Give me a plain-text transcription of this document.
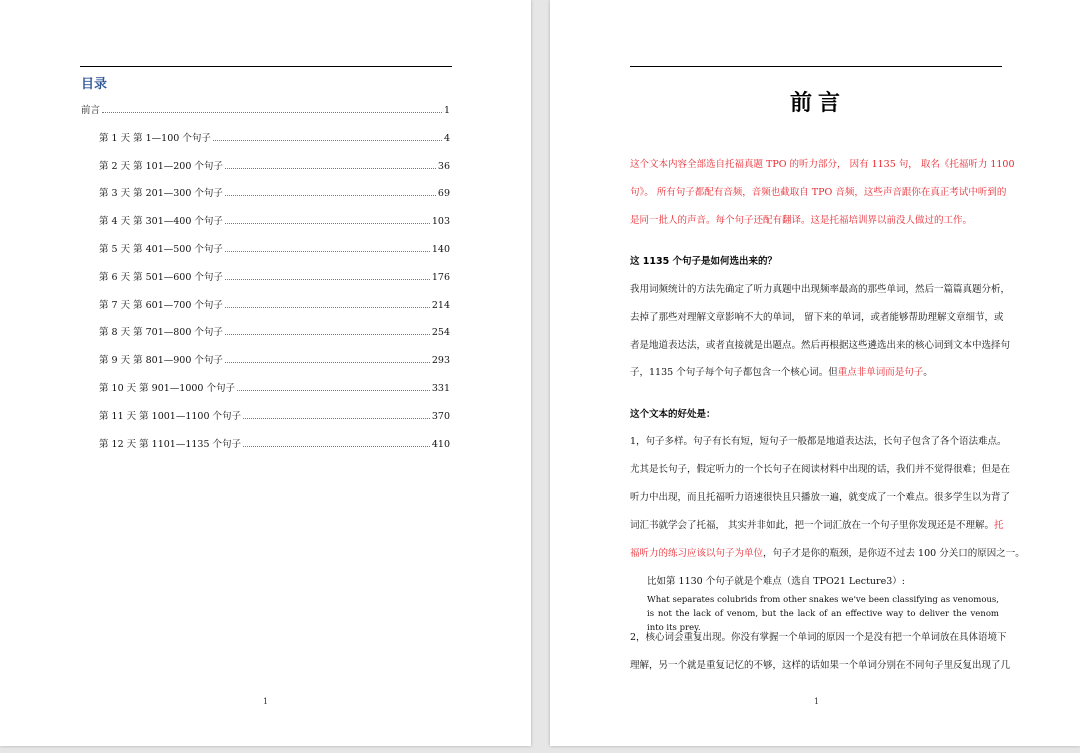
目录
前言	1
第 1 天 第 1—100 个句子	4
第 2 天 第 101—200 个句子	36
第 3 天 第 201—300 个句子	69
第 4 天 第 301—400 个句子	103
第 5 天 第 401—500 个句子	140
第 6 天 第 501—600 个句子	176
第 7 天 第 601—700 个句子	214
第 8 天 第 701—800 个句子	254
第 9 天 第 801—900 个句子	293
第 10 天 第 901—1000 个句子	331
第 11 天 第 1001—1100 个句子	370
第 12 天 第 1101—1135 个句子	410
1
前言
这个文本内容全部选自托福真题 TPO 的听力部分， 因有 1135 句， 取名《托福听力 1100
句》。 所有句子都配有音频，音频也截取自 TPO 音频，这些声音跟你在真正考试中听到的
是同一批人的声音。每个句子还配有翻译。这是托福培训界以前没人做过的工作。
这 1135 个句子是如何选出来的？
我用词频统计的方法先确定了听力真题中出现频率最高的那些单词，然后一篇篇真题分析，
去掉了那些对理解文章影响不大的单词， 留下来的单词，或者能够帮助理解文章细节，或
者是地道表达法，或者直接就是出题点。然后再根据这些遴选出来的核心词到文本中选择句
子，1135 个句子每个句子都包含一个核心词。但重点非单词而是句子。
这个文本的好处是：
1，句子多样。句子有长有短，短句子一般都是地道表达法，长句子包含了各个语法难点。
尤其是长句子，假定听力的一个长句子在阅读材料中出现的话，我们并不觉得很难；但是在
听力中出现，而且托福听力语速很快且只播放一遍，就变成了一个难点。很多学生以为背了
词汇书就学会了托福， 其实并非如此，把一个词汇放在一个句子里你发现还是不理解。托
福听力的练习应该以句子为单位，句子才是你的瓶颈，是你迈不过去 100 分关口的原因之一。
比如第 1130 个句子就是个难点（选自 TPO21 Lecture3）:
What separates colubrids from other snakes we've been classifying as venomous, is not the lack of venom, but the lack of an effective way to deliver the venom into its prey.
2，核心词会重复出现。你没有掌握一个单词的原因一个是没有把一个单词放在具体语境下
理解，另一个就是重复记忆的不够，这样的话如果一个单词分别在不同句子里反复出现了几
1
